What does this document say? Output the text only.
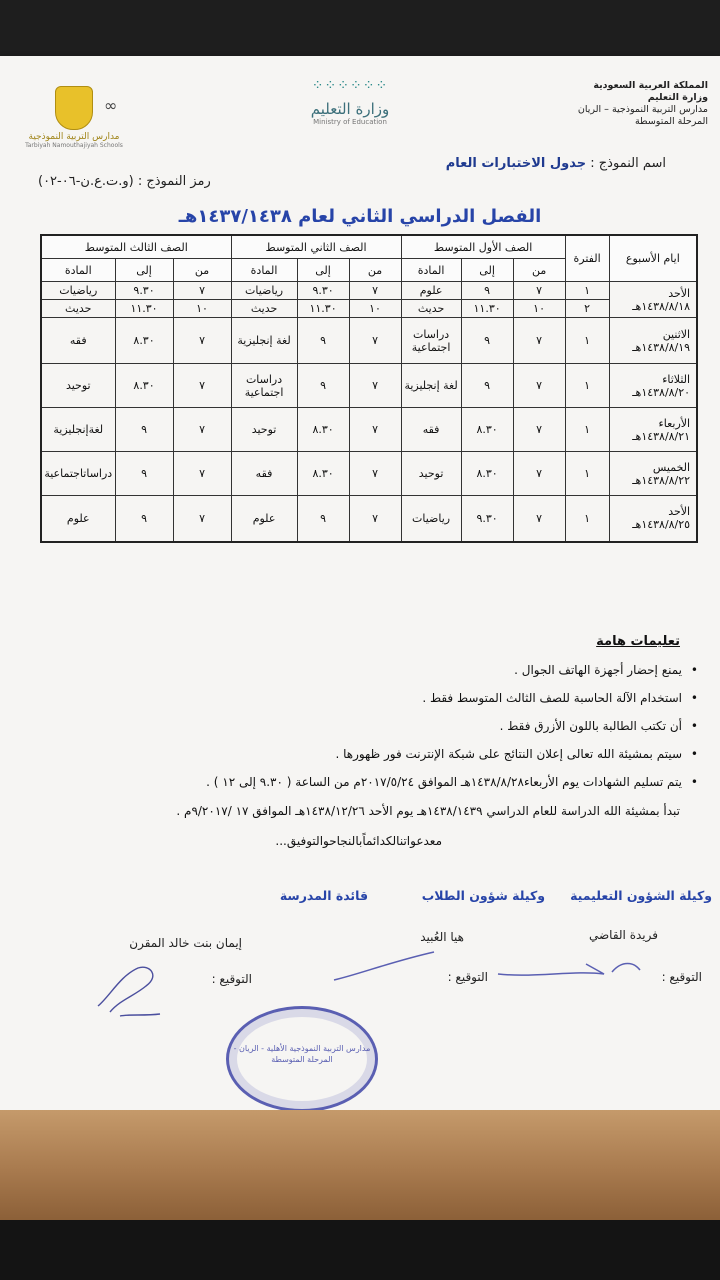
المملكة العربية السعودية
وزارة التعليم
مدارس التربية النموذجية – الريان
المرحلة المتوسطة
⁘⁘⁘⁘⁘⁘
وزارة التعليم
Ministry of Education
مدارس التربية النموذجية
Tarbiyah Namouthajiyah Schools
∞
اسم النموذج : جدول الاختبارات العام
رمز النموذج : (و.ت.ع.ن-٠٦-٠٢)
الفصل الدراسي الثاني لعام ١٤٣٧/١٤٣٨هـ
ايام الأسبوع	الفترة	الصف الأول المتوسط			الصف الثاني المتوسط			الصف الثالث المتوسط		
		من	إلى	المادة	من	إلى	المادة	من	إلى	المادة

الأحد
١٤٣٨/٨/١٨هـ	١	٧	٩	علوم	٧	٩.٣٠	رياضيات	٧	٩.٣٠	رياضيات
	٢	١٠	١١.٣٠	حديث	١٠	١١.٣٠	حديث	١٠	١١.٣٠	حديث

الاثنين
١٤٣٨/٨/١٩هـ	١	٧	٩	دراسات اجتماعية	٧	٩	لغة إنجليزية	٧	٨.٣٠	فقه

الثلاثاء
١٤٣٨/٨/٢٠هـ	١	٧	٩	لغة إنجليزية	٧	٩	دراسات اجتماعية	٧	٨.٣٠	توحيد

الأربعاء
١٤٣٨/٨/٢١هـ	١	٧	٨.٣٠	فقه	٧	٨.٣٠	توحيد	٧	٩	لغةإنجليزية

الخميس
١٤٣٨/٨/٢٢هـ	١	٧	٨.٣٠	توحيد	٧	٨.٣٠	فقه	٧	٩	دراساتاجتماعية

الأحد
١٤٣٨/٨/٢٥هـ	١	٧	٩.٣٠	رياضيات	٧	٩	علوم	٧	٩	علوم
تعليمات هامة
• يمنع إحضار أجهزة الهاتف الجوال .
• استخدام الآلة الحاسبة للصف الثالث المتوسط فقط .
• أن تكتب الطالبة باللون الأزرق فقط .
• سيتم بمشيئة الله تعالى إعلان النتائج على شبكة الإنترنت فور ظهورها .
• يتم تسليم الشهادات يوم الأربعاء١٤٣٨/٨/٢٨هـ الموافق ٢٠١٧/٥/٢٤م من الساعة ( ٩.٣٠ إلى ١٢ ) .
تبدأ بمشيئة الله الدراسة للعام الدراسي ١٤٣٨/١٤٣٩هـ يوم الأحد ١٤٣٨/١٢/٢٦هـ الموافق ١٧ /٩/٢٠١٧م .
معدعواتنالكدائماًبالنجاحوالتوفيق...
وكيلة الشؤون التعليمية
وكيلة شؤون الطلاب
قائدة المدرسة
فريدة القاضي
هيا العُبيد
إيمان بنت خالد المقرن
التوقيع :
التوقيع :
التوقيع :
مدارس التربية النموذجية الأهلية - الريان - المرحلة المتوسطة
